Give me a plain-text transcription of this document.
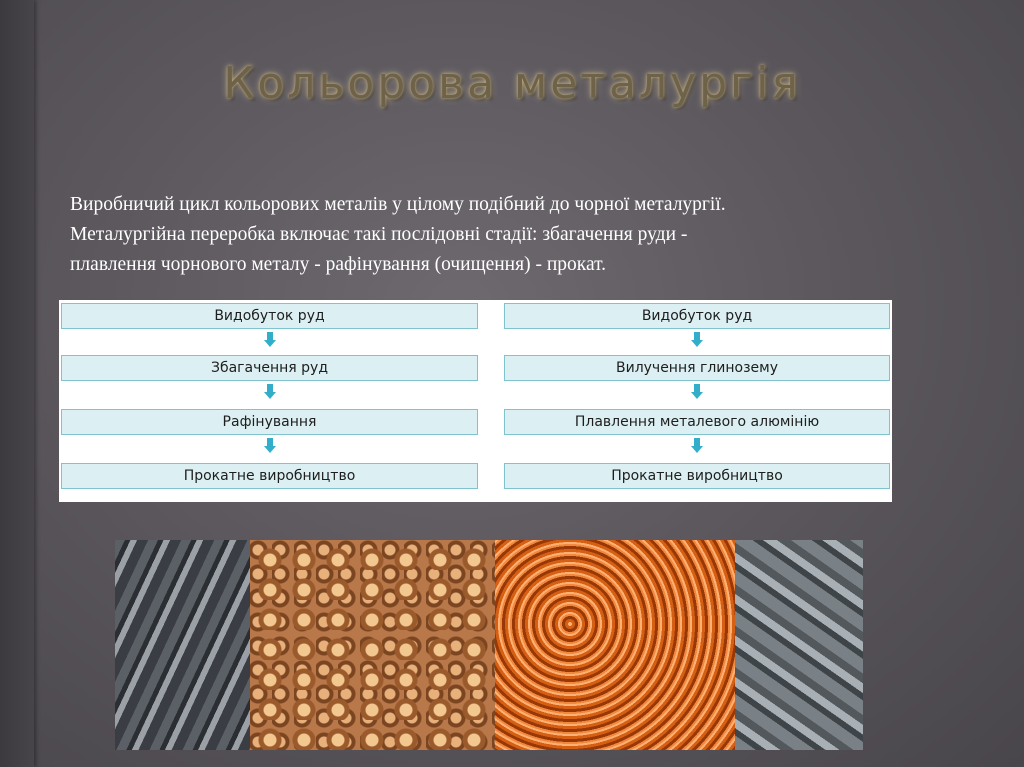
Кольорова металургія
Виробничий цикл кольорових металів у цілому подібний до чорної металургії.
Металургійна переробка включає такі послідовні стадії: збагачення руди -
плавлення чорнового металу - рафінування (очищення) - прокат.
Видобуток руд
Збагачення руд
Рафінування
Прокатне виробництво
Видобуток руд
Вилучення глинозему
Плавлення металевого алюмінію
Прокатне виробництво
